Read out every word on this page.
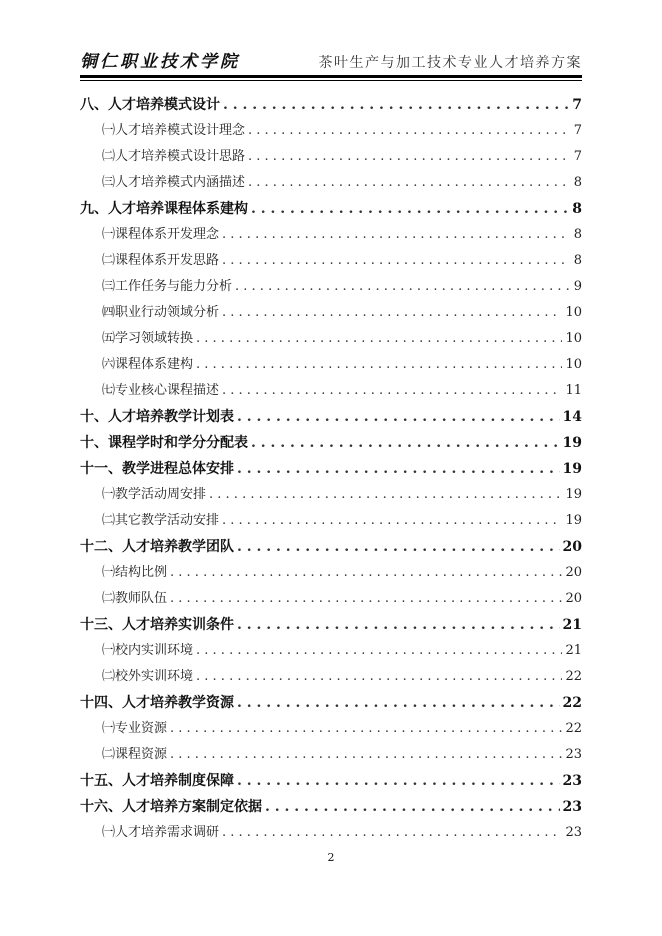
铜仁职业技术学院	茶叶生产与加工技术专业人才培养方案
八、人才培养模式设计 . . .	7
㈠人才培养模式设计理念 . . .	7
㈡人才培养模式设计思路 . . .	7
㈢人才培养模式内涵描述 . . .	8
九、人才培养课程体系建构 . . .	8
㈠课程体系开发理念 . . .	8
㈡课程体系开发思路 . . .	8
㈢工作任务与能力分析 . . .	9
㈣职业行动领域分析 . . .	10
㈤学习领域转换 . . .	10
㈥课程体系建构 . . .	10
㈦专业核心课程描述 . . .	11
十、人才培养教学计划表 . . .	14
十、课程学时和学分分配表 . . .	19
十一、教学进程总体安排 . . .	19
㈠教学活动周安排 . . .	19
㈡其它教学活动安排 . . .	19
十二、人才培养教学团队 . . .	20
㈠结构比例 . . .	20
㈡教师队伍 . . .	20
十三、人才培养实训条件 . . .	21
㈠校内实训环境 . . .	21
㈡校外实训环境 . . .	22
十四、人才培养教学资源 . . .	22
㈠专业资源 . . .	22
㈡课程资源 . . .	23
十五、人才培养制度保障 . . .	23
十六、人才培养方案制定依据 . . .	23
㈠人才培养需求调研 . . .	23
2
